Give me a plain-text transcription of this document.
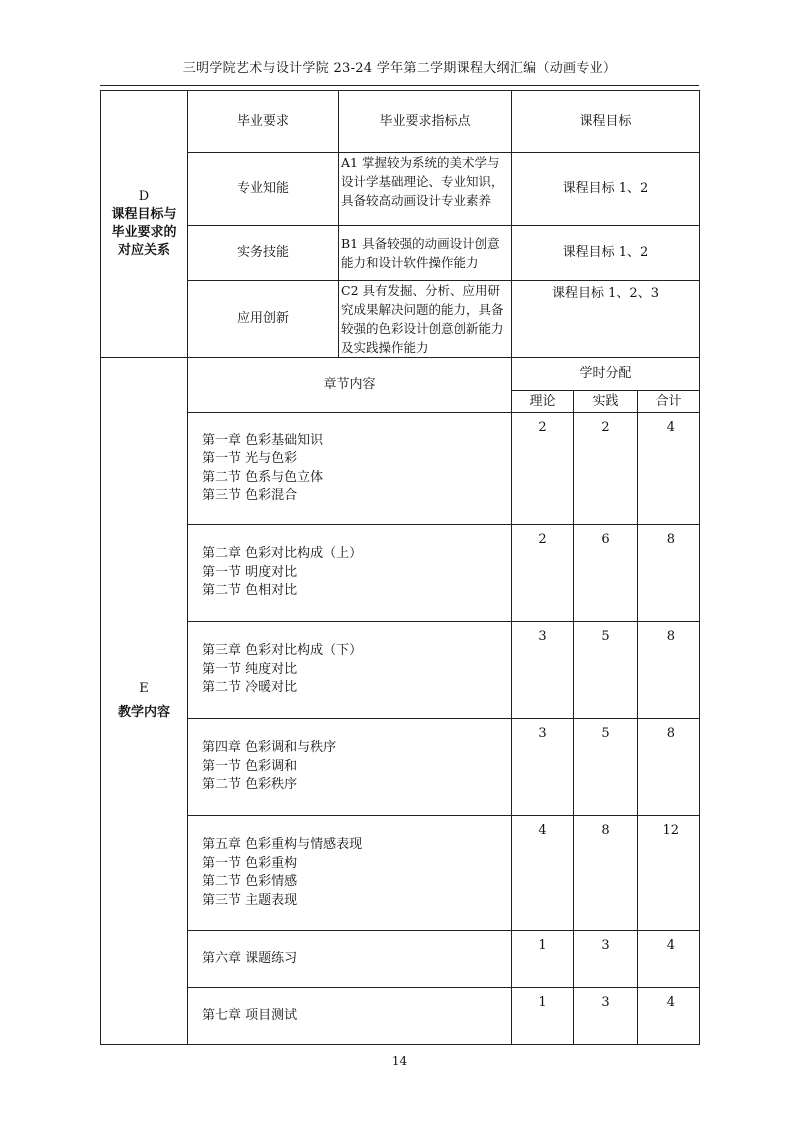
三明学院艺术与设计学院 23-24 学年第二学期课程大纲汇编（动画专业）
D
课程目标与
毕业要求的
对应关系	毕业要求	毕业要求指标点	课程目标		
	专业知能	A1 掌握较为系统的美术学与设计学基础理论、专业知识，具备较高动画设计专业素养	课程目标 1、2		
	实务技能	B1 具备较强的动画设计创意能力和设计软件操作能力	课程目标 1、2		
	应用创新	C2 具有发掘、分析、应用研究成果解决问题的能力，具备较强的色彩设计创意创新能力及实践操作能力	课程目标 1、2、3		

E
教学内容	章节内容		学时分配		
			理论	实践	合计

	第一章 色彩基础知识
第一节 光与色彩
第二节 色系与色立体
第三节 色彩混合		2	2	4

	第二章 色彩对比构成（上）
第一节 明度对比
第二节 色相对比		2	6	8

	第三章 色彩对比构成（下）
第一节 纯度对比
第二节 冷暖对比		3	5	8

	第四章 色彩调和与秩序
第一节 色彩调和
第二节 色彩秩序		3	5	8

	第五章 色彩重构与情感表现
第一节 色彩重构
第二节 色彩情感
第三节 主题表现		4	8	12

	第六章 课题练习		1	3	4

	第七章 项目测试		1	3	4
14
